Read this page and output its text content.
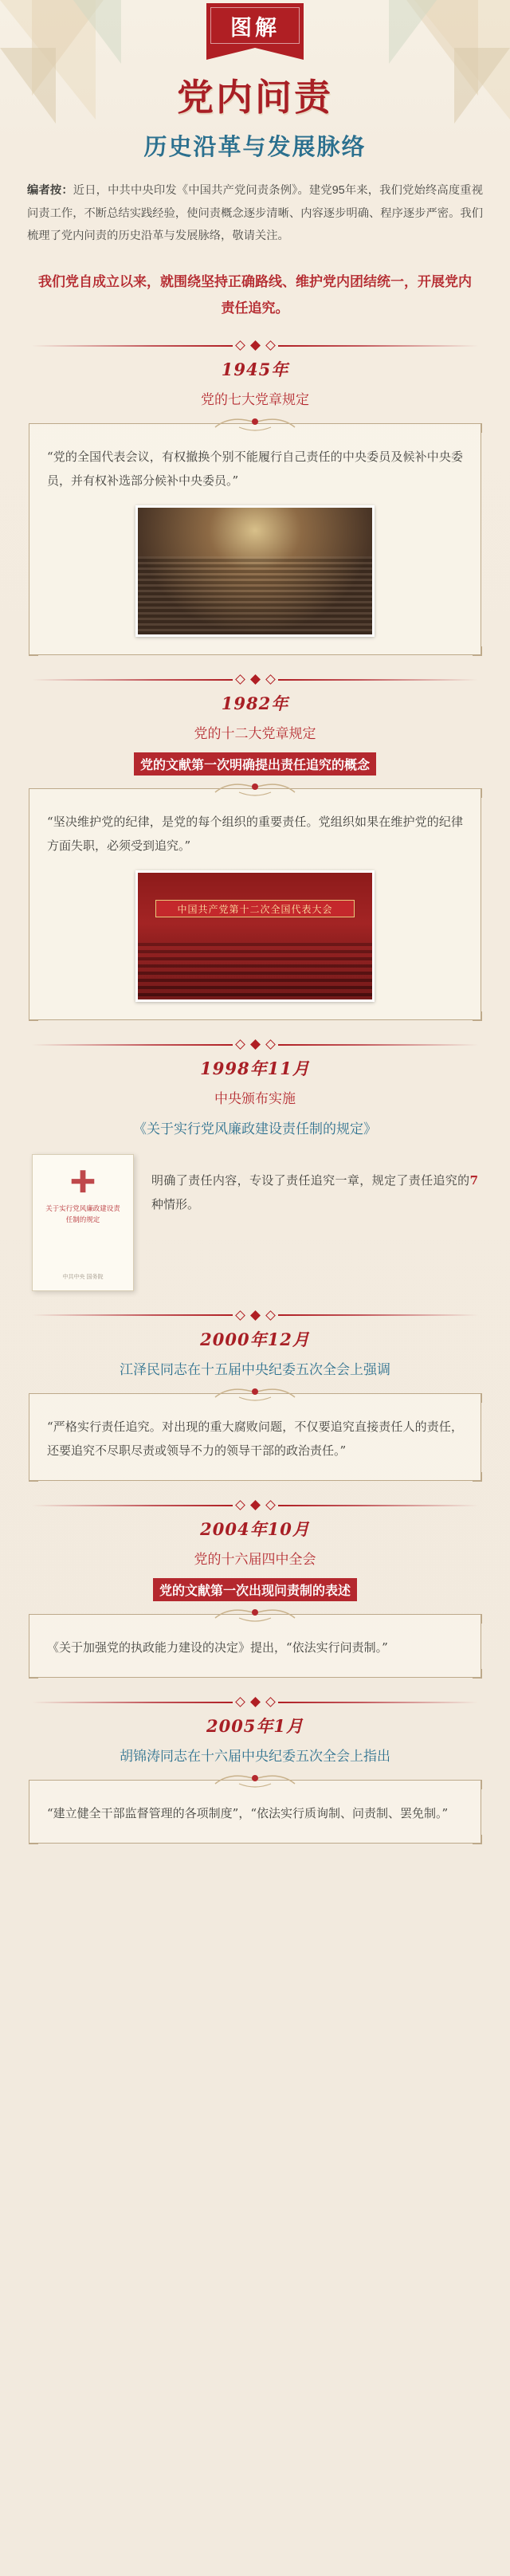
图解
党内问责
历史沿革与发展脉络
编者按：近日，中共中央印发《中国共产党问责条例》。建党95年来，我们党始终高度重视问责工作，不断总结实践经验，使问责概念逐步清晰、内容逐步明确、程序逐步严密。我们梳理了党内问责的历史沿革与发展脉络，敬请关注。
我们党自成立以来，就围绕坚持正确路线、维护党内团结统一，开展党内责任追究。
1945年
党的七大党章规定
“党的全国代表会议，有权撤换个别不能履行自己责任的中央委员及候补中央委员，并有权补选部分候补中央委员。”
1982年
党的十二大党章规定
党的文献第一次明确提出责任追究的概念
“坚决维护党的纪律，是党的每个组织的重要责任。党组织如果在维护党的纪律方面失职，必须受到追究。”
中国共产党第十二次全国代表大会
1998年11月
中央颁布实施
《关于实行党风廉政建设责任制的规定》
关于实行党风廉政建设责任制的规定
中共中央 国务院
明确了责任内容，专设了责任追究一章，规定了责任追究的7种情形。
2000年12月
江泽民同志在十五届中央纪委五次全会上强调
“严格实行责任追究。对出现的重大腐败问题，不仅要追究直接责任人的责任，还要追究不尽职尽责或领导不力的领导干部的政治责任。”
2004年10月
党的十六届四中全会
党的文献第一次出现问责制的表述
《关于加强党的执政能力建设的决定》提出，“依法实行问责制。”
2005年1月
胡锦涛同志在十六届中央纪委五次全会上指出
“建立健全干部监督管理的各项制度”，“依法实行质询制、问责制、罢免制。”
